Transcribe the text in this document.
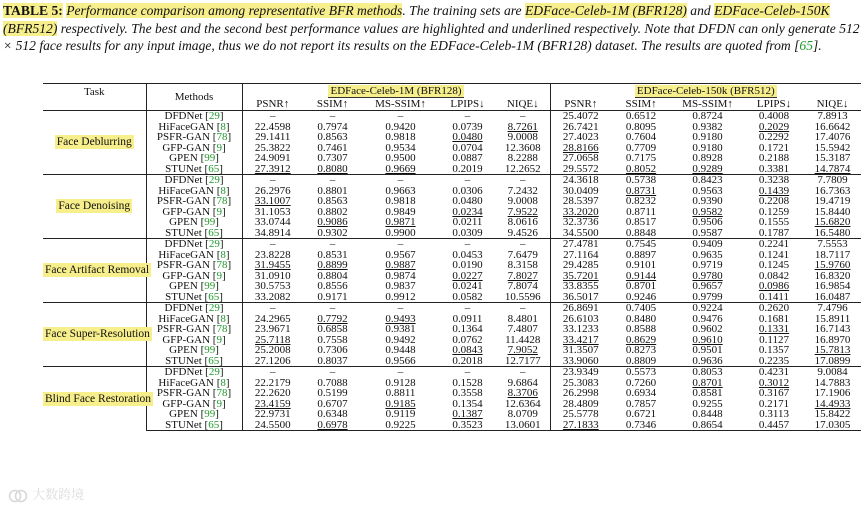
TABLE 5: Performance comparison among representative BFR methods. The training sets are EDFace-Celeb-1M (BFR128) and EDFace-Celeb-150K (BFR512) respectively. The best and the second best performance values are highlighted and underlined respectively. Note that DFDN can only generate 512 × 512 face results for any input image, thus we do not report its results on the EDFace-Celeb-1M (BFR128) dataset. The results are quoted from [65].
Task	Methods	EDFace-Celeb-1M (BFR128)					EDFace-Celeb-150k (BFR512)				
		PSNR↑	SSIM↑	MS-SSIM↑	LPIPS↓	NIQE↓	PSNR↑	SSIM↑	MS-SSIM↑	LPIPS↓	NIQE↓
Face Deblurring	DFDNet [29]	–	–	–	–	–	25.4072	0.6512	0.8724	0.4008	7.8913
	HiFaceGAN [8]	22.4598	0.7974	0.9420	0.0739	8.7261	26.7421	0.8095	0.9382	0.2029	16.6642
	PSFR-GAN [78]	29.1411	0.8563	0.9818	0.0480	9.0008	27.4023	0.7604	0.9180	0.2292	17.4076
	GFP-GAN [9]	25.3822	0.7461	0.9534	0.0704	12.3608	28.8166	0.7709	0.9180	0.1721	15.5942
	GPEN [99]	24.9091	0.7307	0.9500	0.0887	8.2288	27.0658	0.7175	0.8928	0.2188	15.3187
	STUNet [65]	27.3912	0.8080	0.9669	0.2019	12.2652	29.5572	0.8052	0.9289	0.3381	14.7874
Face Denoising	DFDNet [29]	–	–	–	–	–	24.3618	0.5738	0.8423	0.3238	7.7809
	HiFaceGAN [8]	26.2976	0.8801	0.9663	0.0306	7.2432	30.0409	0.8731	0.9563	0.1439	16.7363
	PSFR-GAN [78]	33.1007	0.8563	0.9818	0.0480	9.0008	28.5397	0.8232	0.9390	0.2208	19.4719
	GFP-GAN [9]	31.1053	0.8802	0.9849	0.0234	7.9522	33.2020	0.8711	0.9582	0.1259	15.8440
	GPEN [99]	33.0744	0.9086	0.9871	0.0211	8.0616	32.3736	0.8517	0.9506	0.1555	15.6820
	STUNet [65]	34.8914	0.9302	0.9900	0.0309	9.4526	34.5500	0.8848	0.9587	0.1787	16.5480
Face Artifact Removal	DFDNet [29]	–	–	–	–	–	27.4781	0.7545	0.9409	0.2241	7.5553
	HiFaceGAN [8]	23.8228	0.8531	0.9567	0.0453	7.6479	27.1164	0.8897	0.9635	0.1241	18.7117
	PSFR-GAN [78]	31.9455	0.8899	0.9887	0.0190	8.3158	29.4285	0.9101	0.9719	0.1245	15.9760
	GFP-GAN [9]	31.0910	0.8804	0.9874	0.0227	7.8027	35.7201	0.9144	0.9780	0.0842	16.8320
	GPEN [99]	30.5753	0.8556	0.9837	0.0241	7.8074	33.8355	0.8701	0.9657	0.0986	16.9854
	STUNet [65]	33.2082	0.9171	0.9912	0.0582	10.5596	36.5017	0.9246	0.9799	0.1411	16.0487
Face Super-Resolution	DFDNet [29]	–	–	–	–	–	26.8691	0.7405	0.9224	0.2620	7.4796
	HiFaceGAN [8]	24.2965	0.7792	0.9493	0.0911	8.4801	26.6103	0.8480	0.9476	0.1681	15.8911
	PSFR-GAN [78]	23.9671	0.6858	0.9381	0.1364	7.4807	33.1233	0.8588	0.9602	0.1331	16.7143
	GFP-GAN [9]	25.7118	0.7558	0.9492	0.0762	11.4428	33.4217	0.8629	0.9610	0.1127	16.8970
	GPEN [99]	25.2008	0.7306	0.9448	0.0843	7.9052	31.3507	0.8273	0.9501	0.1357	15.7813
	STUNet [65]	27.1206	0.8037	0.9566	0.2018	12.7177	33.9060	0.8809	0.9636	0.2235	17.0899
Blind Face Restoration	DFDNet [29]	–	–	–	–	–	23.9349	0.5573	0.8053	0.4231	9.0084
	HiFaceGAN [8]	22.2179	0.7088	0.9128	0.1528	9.6864	25.3083	0.7260	0.8701	0.3012	14.7883
	PSFR-GAN [78]	22.2620	0.5199	0.8811	0.3558	8.3706	26.2998	0.6934	0.8581	0.3167	17.1906
	GFP-GAN [9]	23.4159	0.6707	0.9185	0.1354	12.6364	28.4809	0.7857	0.9255	0.2171	14.4933
	GPEN [99]	22.9731	0.6348	0.9119	0.1387	8.0709	25.5778	0.6721	0.8448	0.3113	15.8422
	STUNet [65]	24.5500	0.6978	0.9225	0.3523	13.0601	27.1833	0.7346	0.8654	0.4457	17.0305
大数跨境
